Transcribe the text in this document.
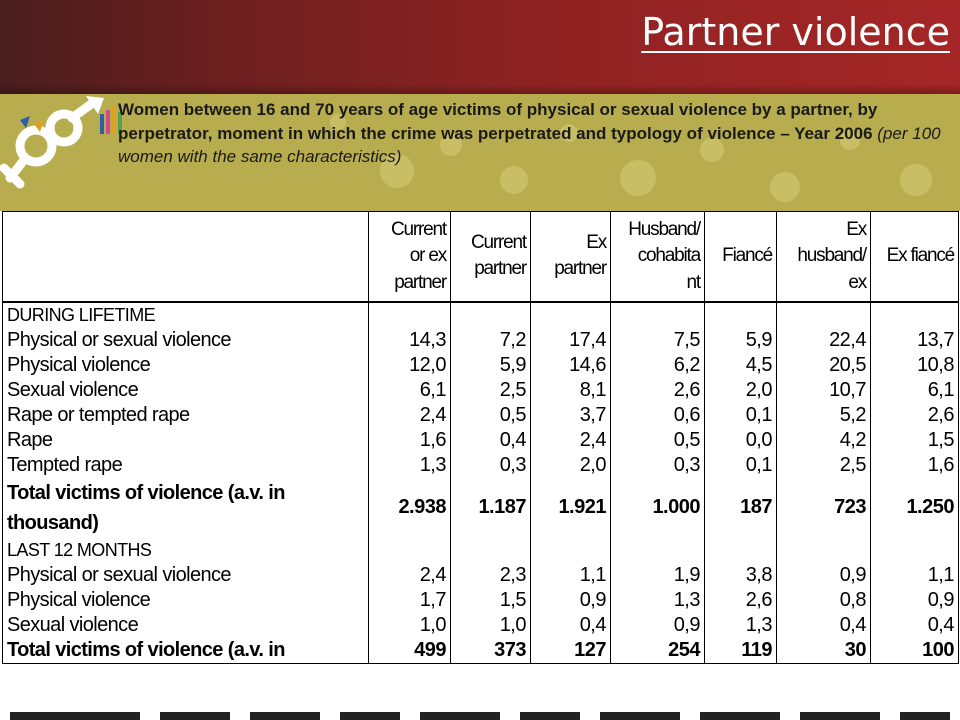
Partner violence
Women between 16 and 70 years of age victims of physical or sexual violence by a partner, by perpetrator, moment in which the crime was perpetrated and typology of violence – Year 2006 (per 100 women with the same characteristics)
	Current
or ex
partner	Current
partner	Ex
partner	Husband/
cohabita
nt	Fiancé	Ex
husband/
ex	Ex fiancé
DURING LIFETIME							
Physical or sexual violence	14,3	7,2	17,4	7,5	5,9	22,4	13,7
Physical violence	12,0	5,9	14,6	6,2	4,5	20,5	10,8
Sexual violence	6,1	2,5	8,1	2,6	2,0	10,7	6,1
Rape or tempted rape	2,4	0,5	3,7	0,6	0,1	5,2	2,6
Rape	1,6	0,4	2,4	0,5	0,0	4,2	1,5
Tempted rape	1,3	0,3	2,0	0,3	0,1	2,5	1,6
Total victims of violence (a.v. in thousand)	2.938	1.187	1.921	1.000	187	723	1.250
LAST 12 MONTHS							
Physical or sexual violence	2,4	2,3	1,1	1,9	3,8	0,9	1,1
Physical violence	1,7	1,5	0,9	1,3	2,6	0,8	0,9
Sexual violence	1,0	1,0	0,4	0,9	1,3	0,4	0,4
Total victims of violence (a.v. in	499	373	127	254	119	30	100
